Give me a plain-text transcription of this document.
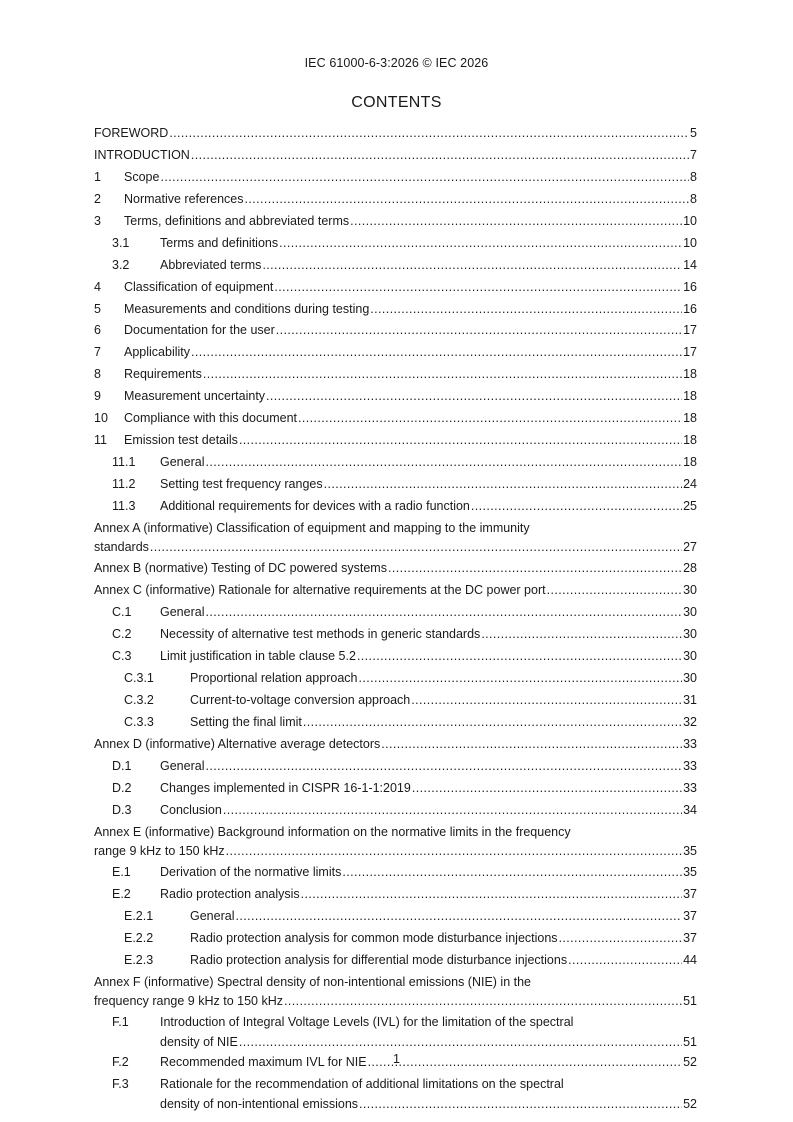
IEC 61000-6-3:2026 © IEC 2026
CONTENTS
FOREWORD .....	5
INTRODUCTION .....	7
1 Scope .....	8
2 Normative references .....	8
3 Terms, definitions and abbreviated terms .....	10
3.1 Terms and definitions .....	10
3.2 Abbreviated terms .....	14
4 Classification of equipment .....	16
5 Measurements and conditions during testing .....	16
6 Documentation for the user .....	17
7 Applicability .....	17
8 Requirements .....	18
9 Measurement uncertainty .....	18
10 Compliance with this document .....	18
11 Emission test details .....	18
11.1 General .....	18
11.2 Setting test frequency ranges .....	24
11.3 Additional requirements for devices with a radio function .....	25
Annex A (informative) Classification of equipment and mapping to the immunity
standards .....	27
Annex B (normative) Testing of DC powered systems .....	28
Annex C (informative) Rationale for alternative requirements at the DC power port .....	30
C.1 General .....	30
C.2 Necessity of alternative test methods in generic standards .....	30
C.3 Limit justification in table clause 5.2 .....	30
C.3.1	Proportional relation approach .....	30
C.3.2	Current-to-voltage conversion approach .....	31
C.3.3	Setting the final limit .....	32
Annex D (informative) Alternative average detectors .....	33
D.1 General .....	33
D.2 Changes implemented in CISPR 16-1-1:2019 .....	33
D.3 Conclusion .....	34
Annex E (informative) Background information on the normative limits in the frequency
range 9 kHz to 150 kHz .....	35
E.1 Derivation of the normative limits .....	35
E.2 Radio protection analysis .....	37
E.2.1	General .....	37
E.2.2	Radio protection analysis for common mode disturbance injections .....	37
E.2.3	Radio protection analysis for differential mode disturbance injections .....	44
Annex F (informative) Spectral density of non-intentional emissions (NIE) in the
frequency range 9 kHz to 150 kHz .....	51
F.1	Introduction of Integral Voltage Levels (IVL) for the limitation of the spectral
density of NIE .....	51
F.2	Recommended maximum IVL for NIE .....	52
F.3	Rationale for the recommendation of additional limitations on the spectral
density of non-intentional emissions .....	52
1
